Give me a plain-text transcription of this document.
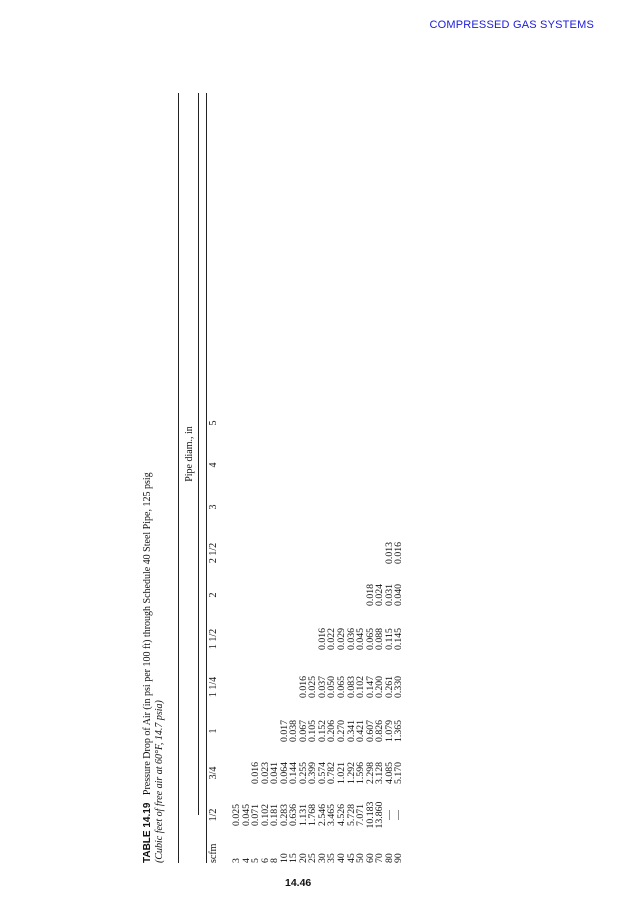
COMPRESSED GAS SYSTEMS
TABLE 14.19   Pressure Drop of Air (in psi per 100 ft) through Schedule 40 Steel Pipe, 125 psig (Cubic feet of free air at 60°F, 14.7 psia)
Pipe diam., in
scfm
1/2
3/4
1
1 1/4
1 1/2
2
2 1/2
3
4
5
3
4
5
6
8
10
15
20
25
30
35
40
45
50
60
70
80
90
0.025
0.045
0.071
0.102
0.181
0.283
0.636
1.131
1.768
2.546
3.465
4.526
5.728
7.071
10.183
13.860
—
—
0.016
0.023
0.041
0.064
0.144
0.255
0.399
0.574
0.782
1.021
1.292
1.596
2.298
3.128
4.085
5.170
0.017
0.038
0.067
0.105
0.152
0.206
0.270
0.341
0.421
0.607
0.826
1.079
1.365
0.016
0.025
0.037
0.050
0.065
0.083
0.102
0.147
0.200
0.261
0.330
0.016
0.022
0.029
0.036
0.045
0.065
0.088
0.115
0.145
0.018
0.024
0.031
0.040
0.013
0.016
14.46
